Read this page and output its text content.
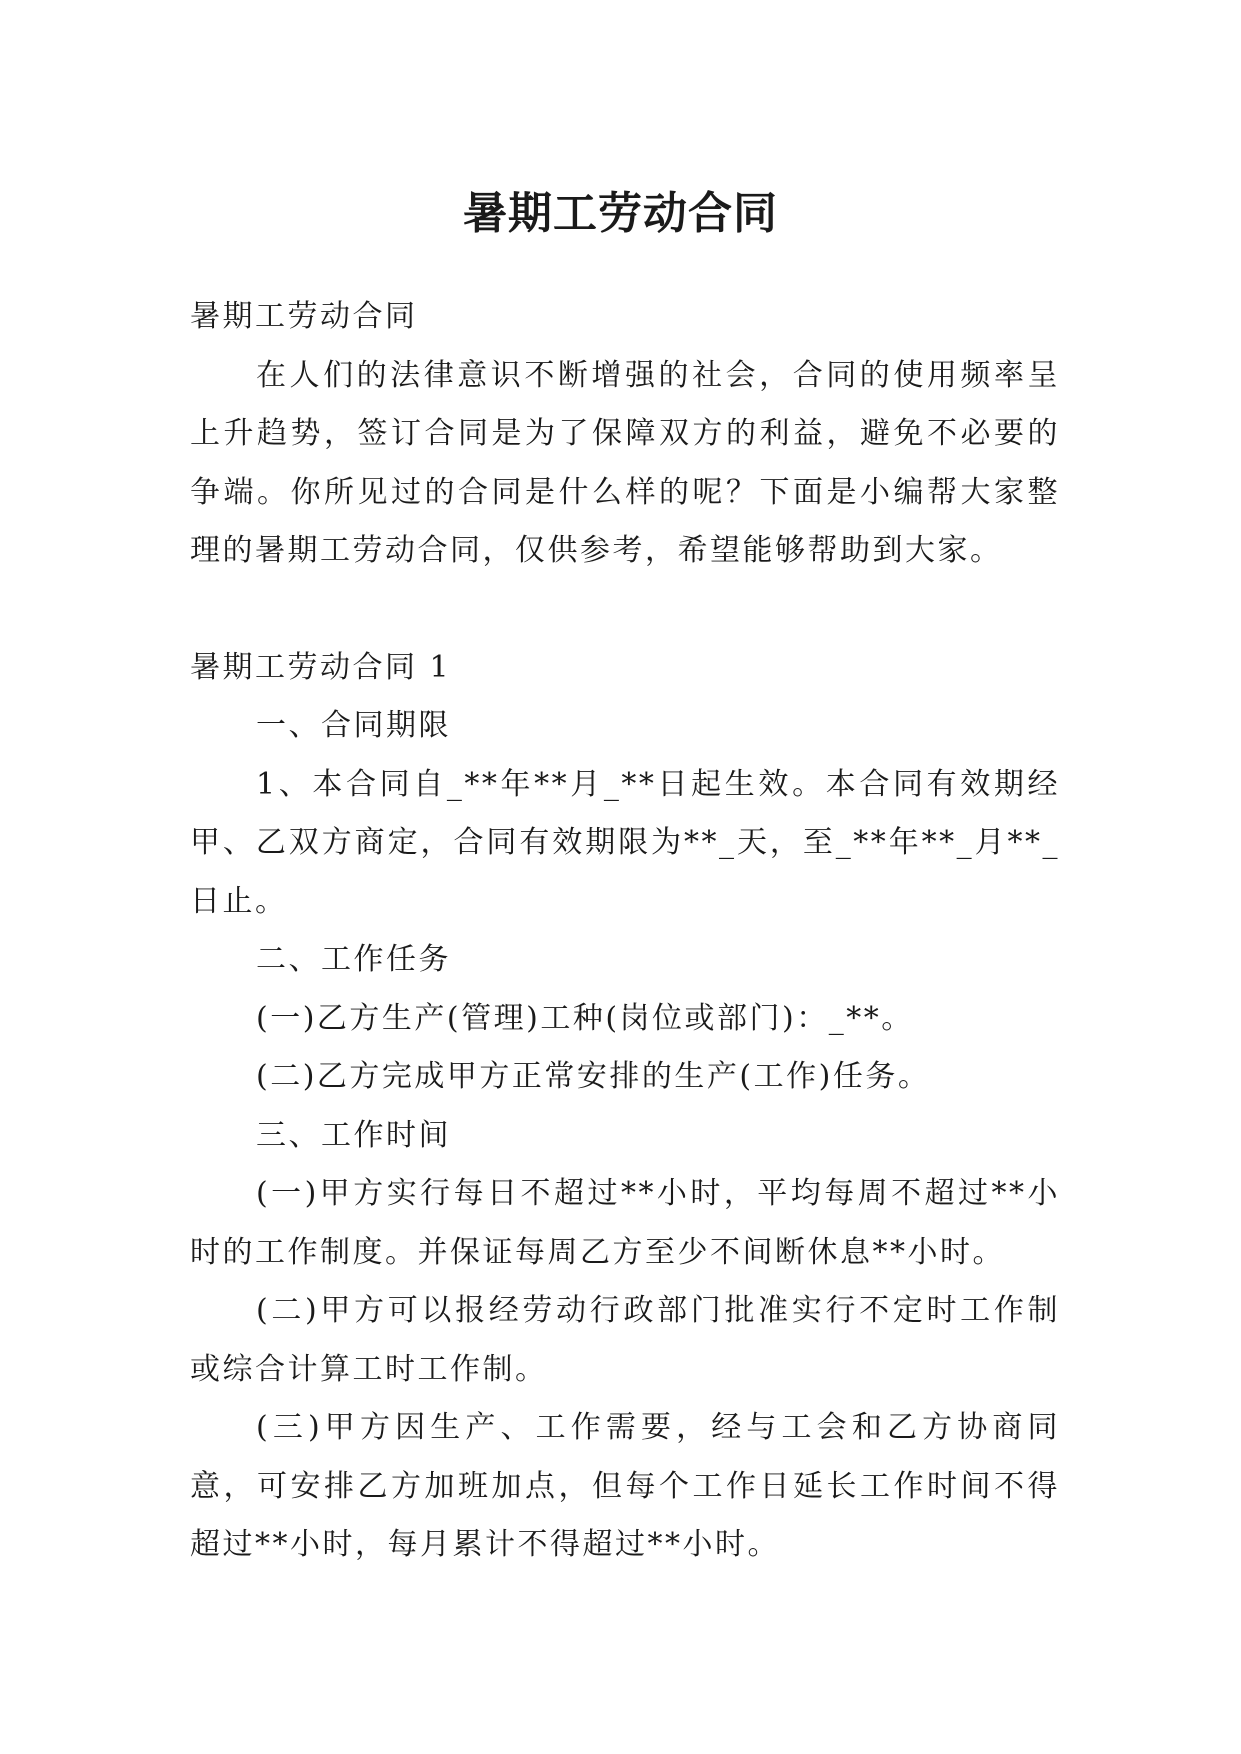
暑期工劳动合同

暑期工劳动合同

在人们的法律意识不断增强的社会，合同的使用频率呈上升趋势，签订合同是为了保障双方的利益，避免不必要的争端。你所见过的合同是什么样的呢？下面是小编帮大家整理的暑期工劳动合同，仅供参考，希望能够帮助到大家。

暑期工劳动合同 1

一、合同期限

1、本合同自_**年**月_**日起生效。本合同有效期经甲、乙双方商定，合同有效期限为**_天，至_**年**_月**_日止。

二、工作任务

(一)乙方生产(管理)工种(岗位或部门)：_**。

(二)乙方完成甲方正常安排的生产(工作)任务。

三、工作时间

(一)甲方实行每日不超过**小时，平均每周不超过**小时的工作制度。并保证每周乙方至少不间断休息**小时。

(二)甲方可以报经劳动行政部门批准实行不定时工作制或综合计算工时工作制。

(三)甲方因生产、工作需要，经与工会和乙方协商同意，可安排乙方加班加点，但每个工作日延长工作时间不得超过**小时，每月累计不得超过**小时。
